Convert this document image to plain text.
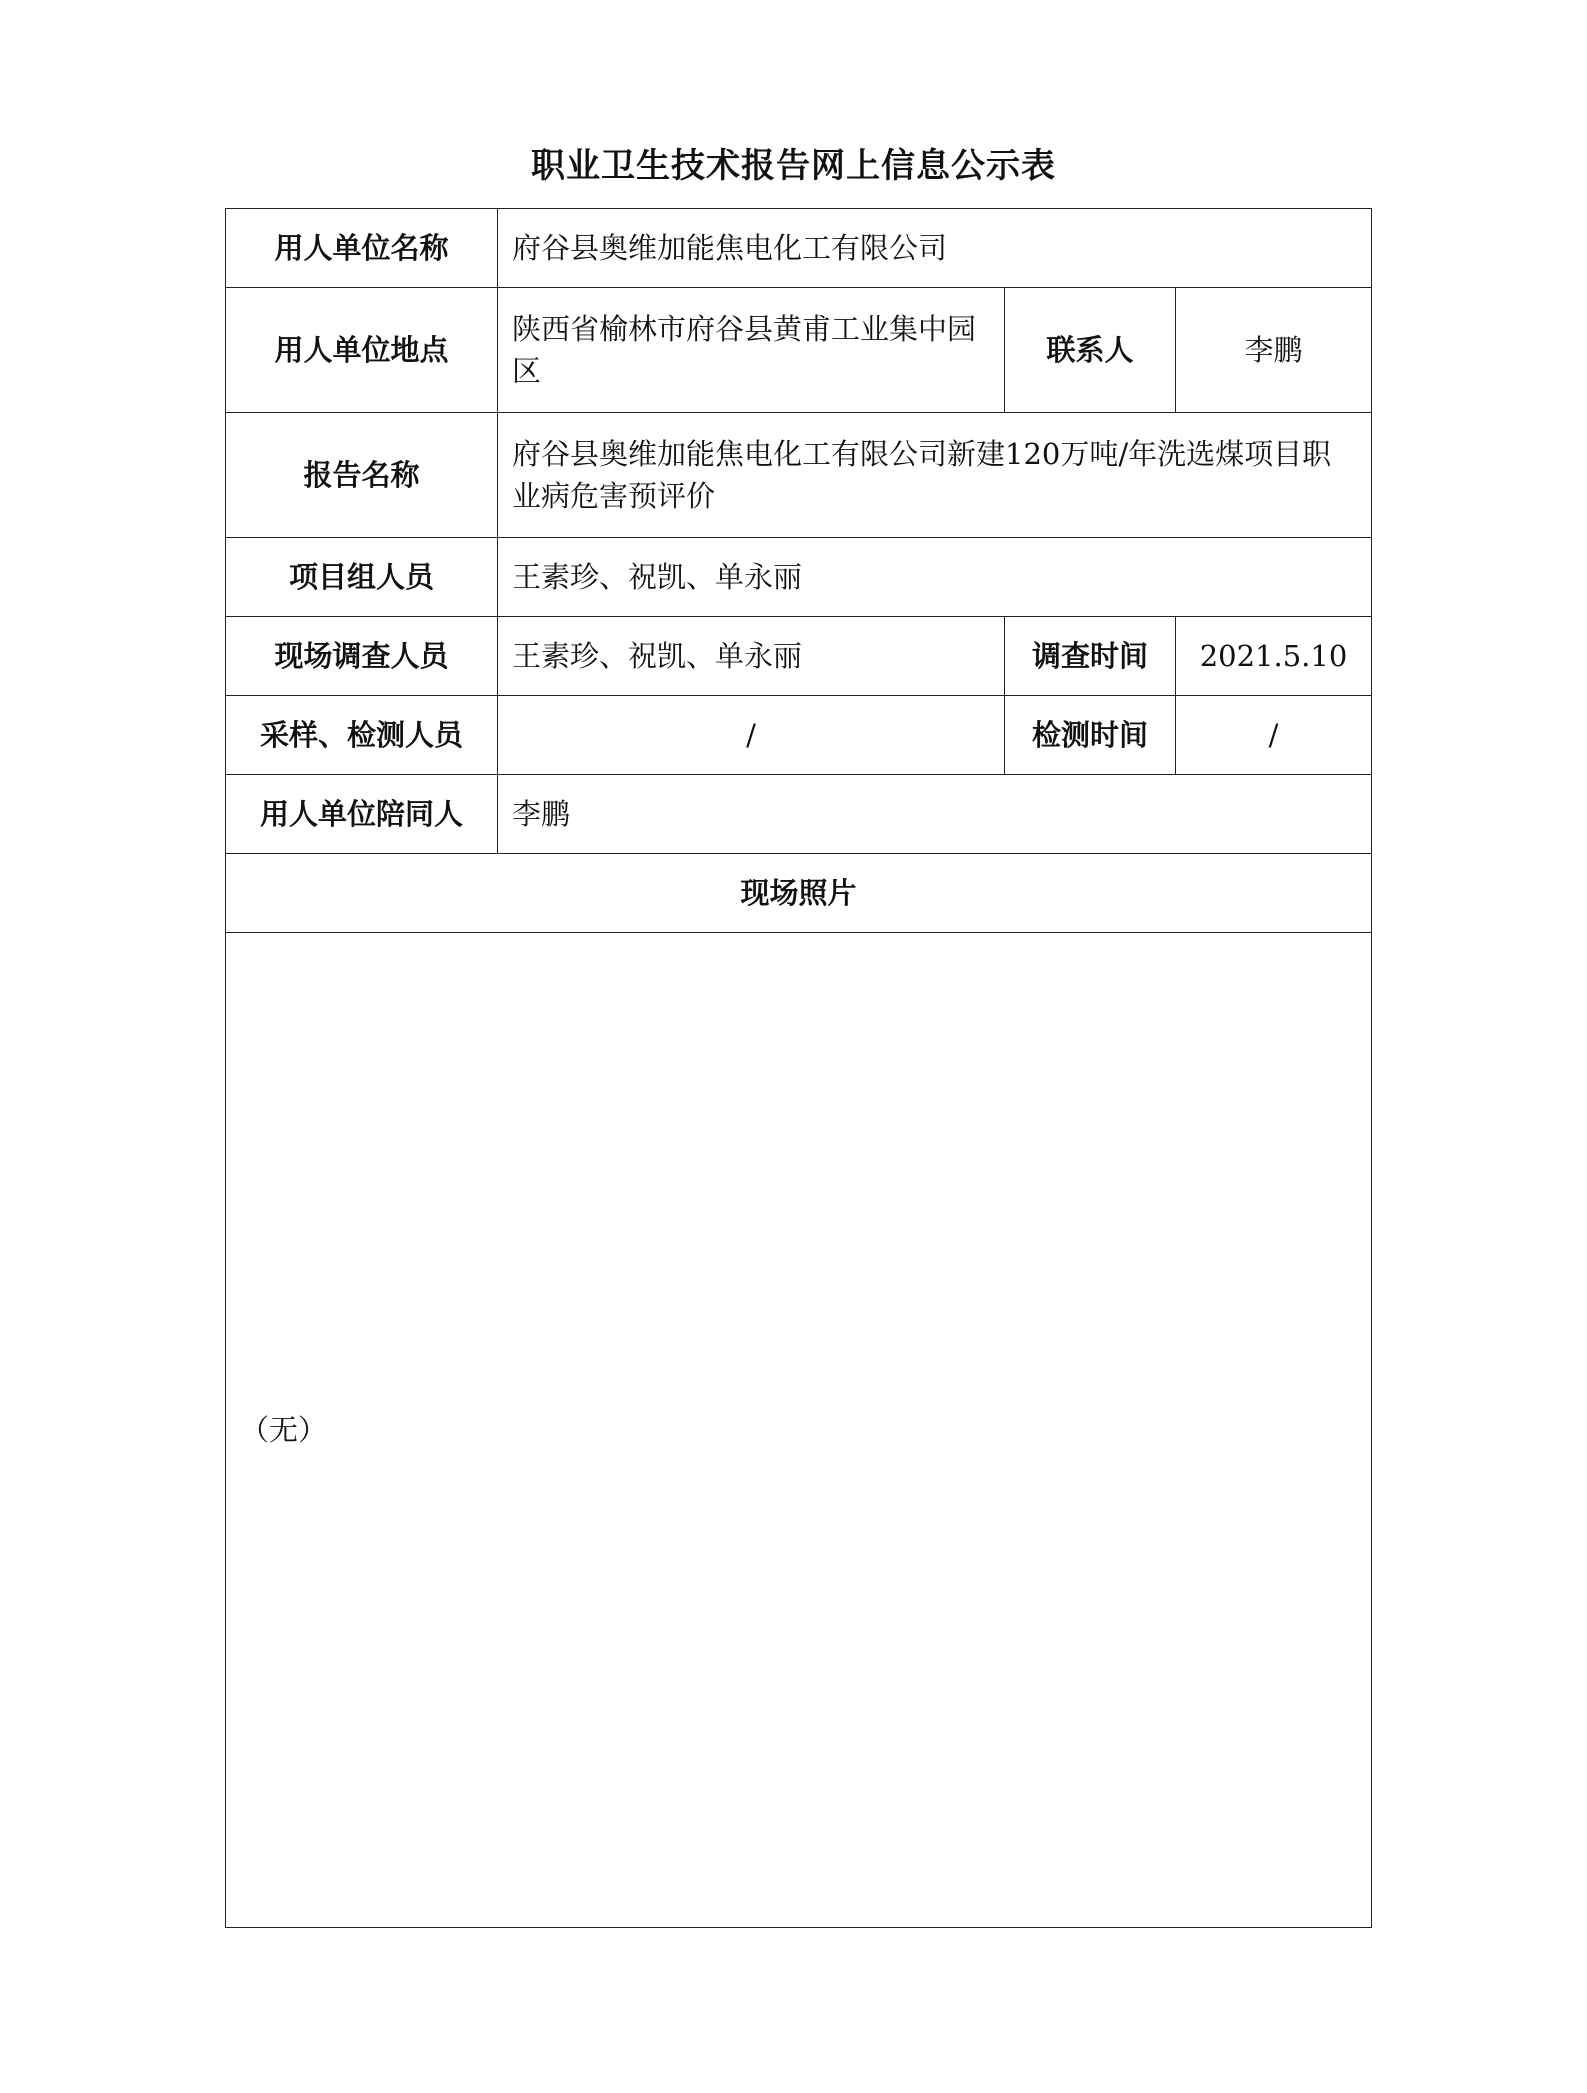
职业卫生技术报告网上信息公示表
用人单位名称	府谷县奥维加能焦电化工有限公司		
用人单位地点	陕西省榆林市府谷县黄甫工业集中园区	联系人	李鹏
报告名称	府谷县奥维加能焦电化工有限公司新建120万吨/年洗选煤项目职业病危害预评价		
项目组人员	王素珍、祝凯、单永丽		
现场调查人员	王素珍、祝凯、单永丽	调查时间	2021.5.10
采样、检测人员	/	检测时间	/
用人单位陪同人	李鹏		
现场照片			
（无）			
